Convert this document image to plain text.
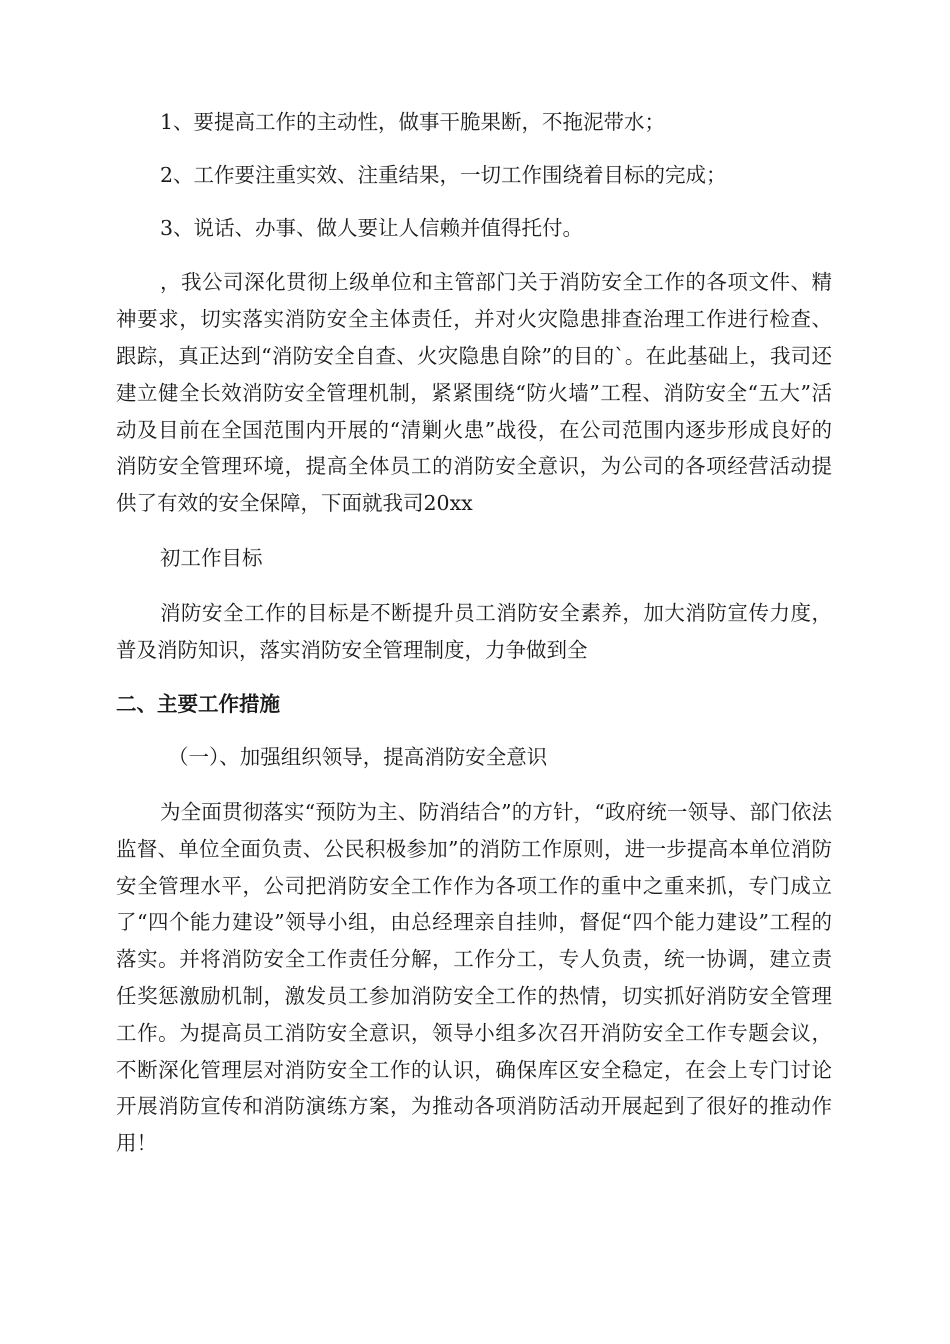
1、要提高工作的主动性，做事干脆果断，不拖泥带水；

2、工作要注重实效、注重结果，一切工作围绕着目标的完成；

3、说话、办事、做人要让人信赖并值得托付。

，我公司深化贯彻上级单位和主管部门关于消防安全工作的各项文件、精神要求，切实落实消防安全主体责任，并对火灾隐患排查治理工作进行检查、跟踪，真正达到“消防安全自查、火灾隐患自除”的目的`。在此基础上，我司还建立健全长效消防安全管理机制，紧紧围绕“防火墙”工程、消防安全“五大”活动及目前在全国范围内开展的“清剿火患”战役，在公司范围内逐步形成良好的消防安全管理环境，提高全体员工的消防安全意识，为公司的各项经营活动提供了有效的安全保障，下面就我司20xx

初工作目标

消防安全工作的目标是不断提升员工消防安全素养，加大消防宣传力度，普及消防知识，落实消防安全管理制度，力争做到全

二、主要工作措施

（一）、加强组织领导，提高消防安全意识

为全面贯彻落实“预防为主、防消结合”的方针，“政府统一领导、部门依法监督、单位全面负责、公民积极参加”的消防工作原则，进一步提高本单位消防安全管理水平，公司把消防安全工作作为各项工作的重中之重来抓，专门成立了“四个能力建设”领导小组，由总经理亲自挂帅，督促“四个能力建设”工程的落实。并将消防安全工作责任分解，工作分工，专人负责，统一协调，建立责任奖惩激励机制，激发员工参加消防安全工作的热情，切实抓好消防安全管理工作。为提高员工消防安全意识，领导小组多次召开消防安全工作专题会议，不断深化管理层对消防安全工作的认识，确保库区安全稳定，在会上专门讨论开展消防宣传和消防演练方案，为推动各项消防活动开展起到了很好的推动作用！
